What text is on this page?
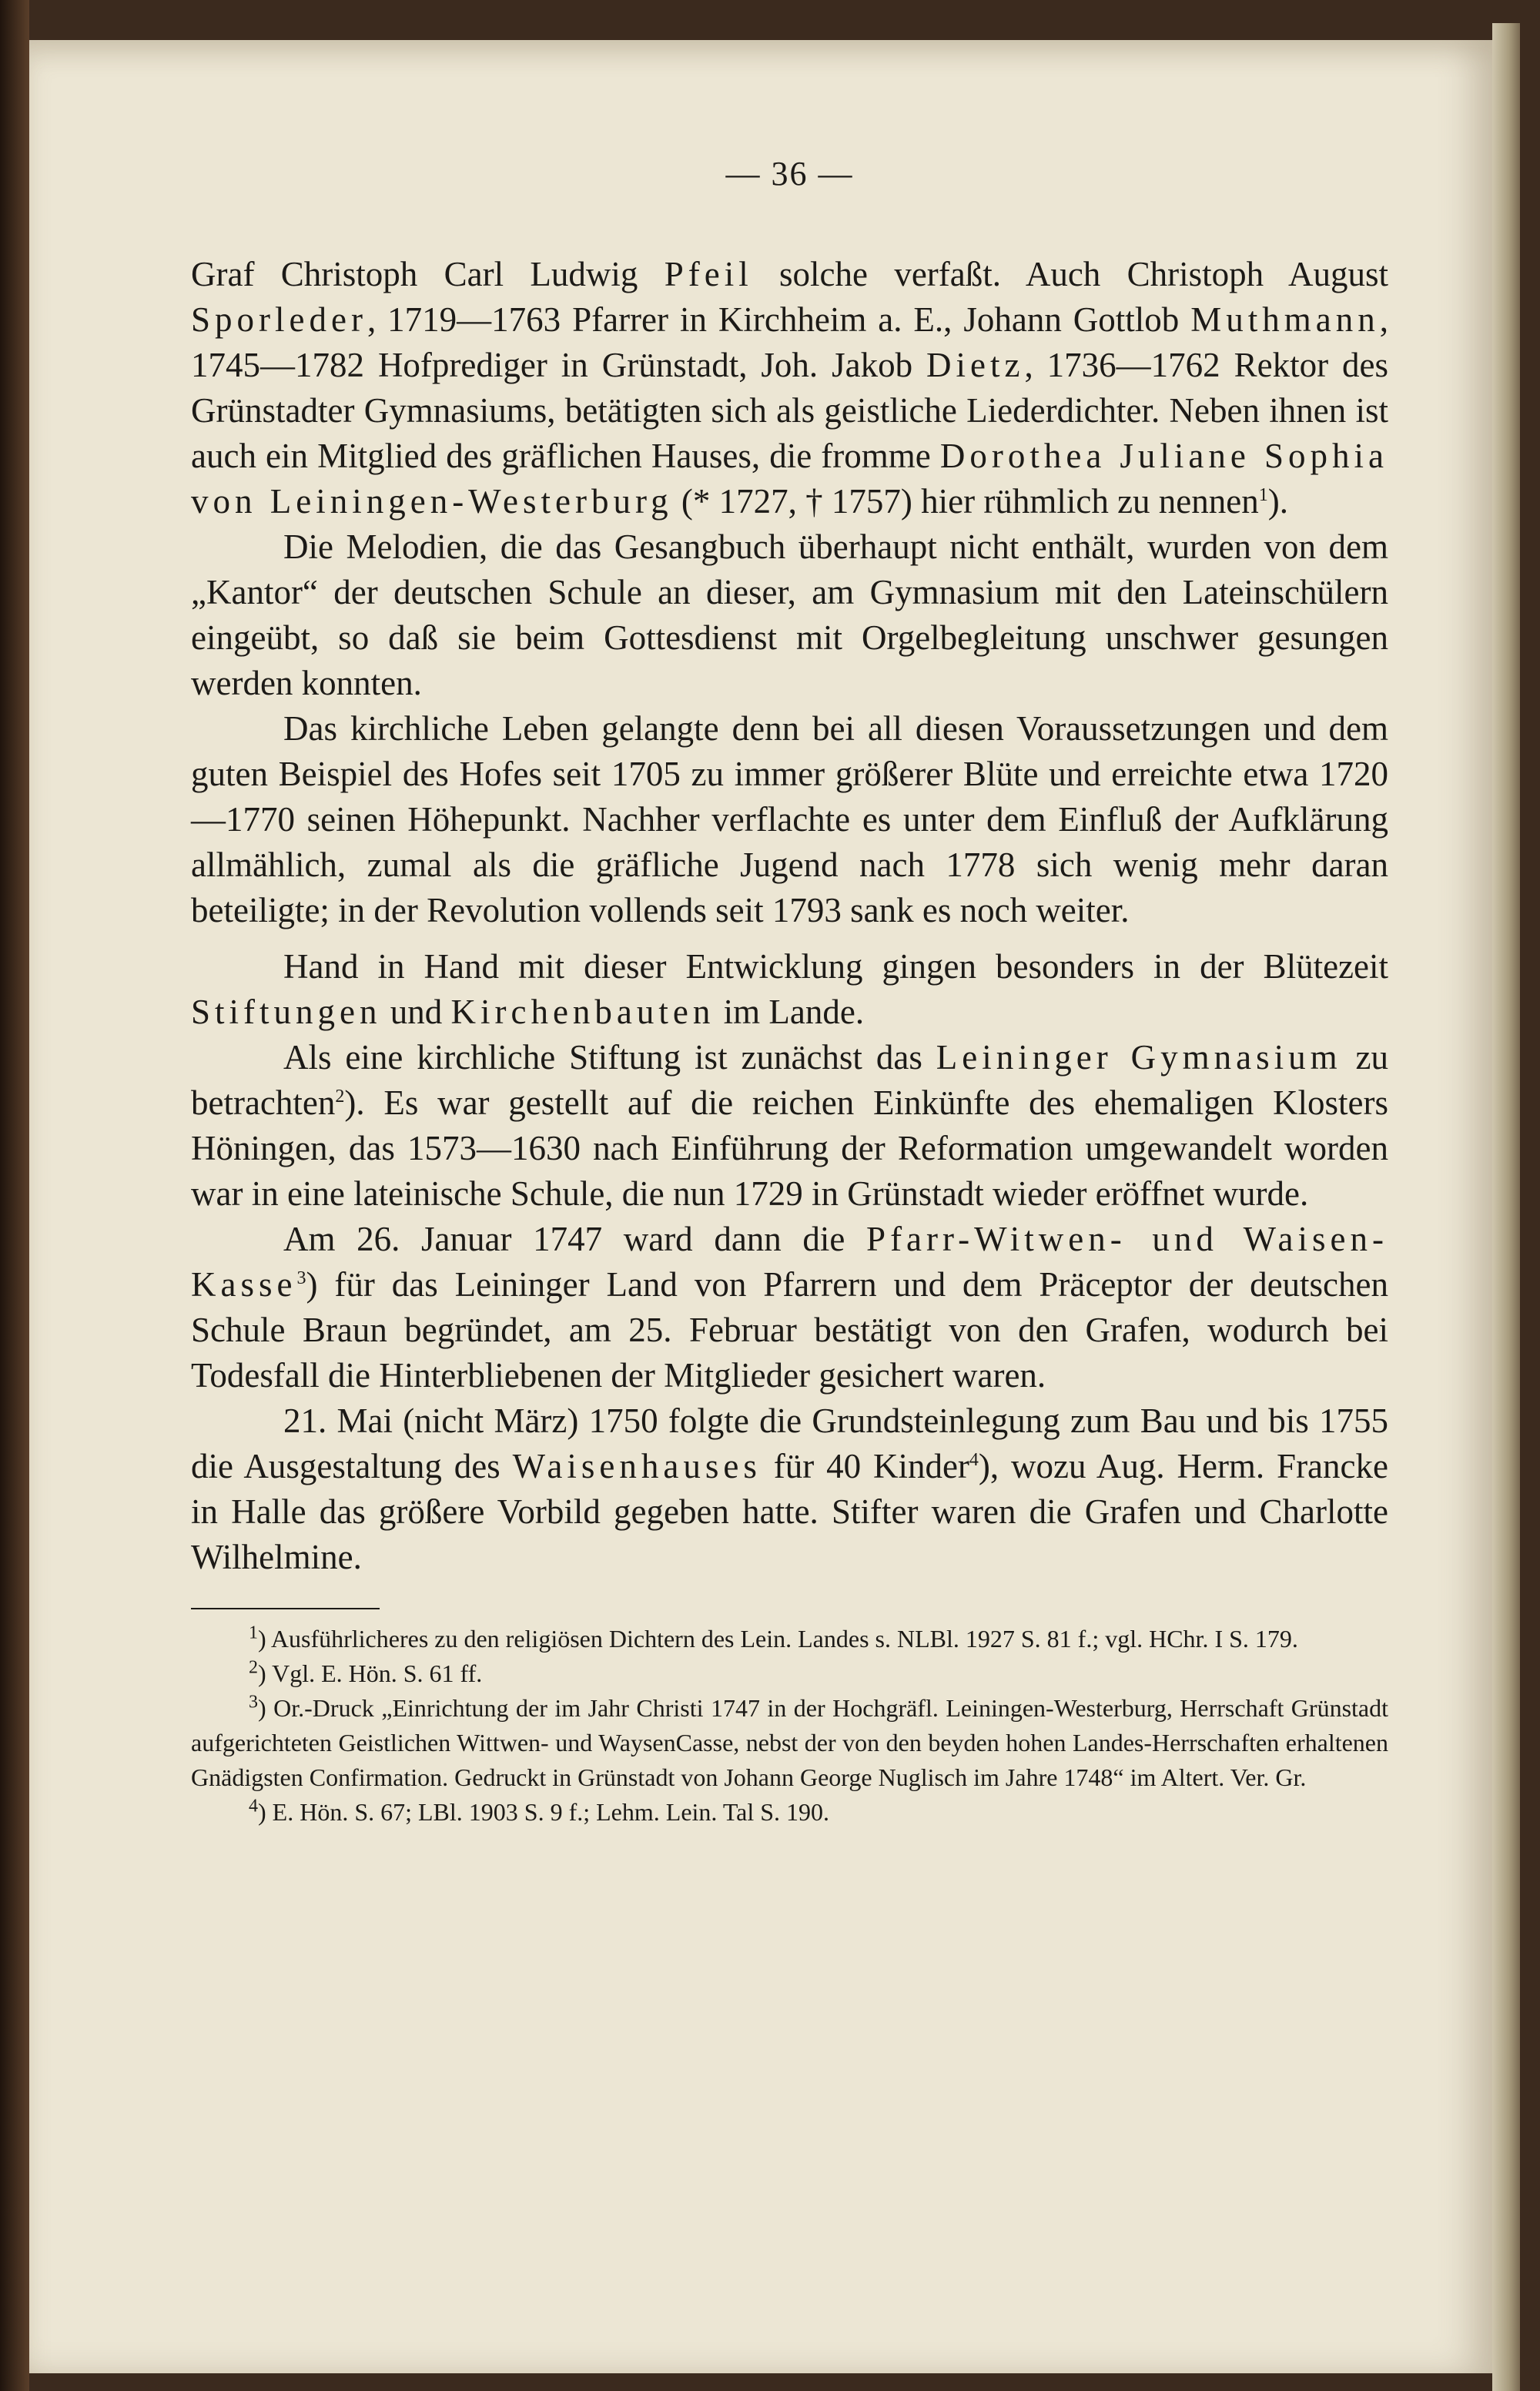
— 36 —

Graf Christoph Carl Ludwig Pfeil solche verfaßt. Auch Christoph August Sporleder, 1719—1763 Pfarrer in Kirchheim a. E., Johann Gottlob Muthmann, 1745—1782 Hofprediger in Grünstadt, Joh. Jakob Dietz, 1736—1762 Rektor des Grünstadter Gymnasiums, betätigten sich als geistliche Liederdichter. Neben ihnen ist auch ein Mitglied des gräflichen Hauses, die fromme Dorothea Juliane Sophia von Leiningen-Westerburg (* 1727, † 1757) hier rühmlich zu nennen$^1$).

Die Melodien, die das Gesangbuch überhaupt nicht enthält, wurden von dem „Kantor“ der deutschen Schule an dieser, am Gymnasium mit den Lateinschülern eingeübt, so daß sie beim Gottesdienst mit Orgelbegleitung unschwer gesungen werden konnten.

Das kirchliche Leben gelangte denn bei all diesen Voraussetzungen und dem guten Beispiel des Hofes seit 1705 zu immer größerer Blüte und erreichte etwa 1720—1770 seinen Höhepunkt. Nachher verflachte es unter dem Einfluß der Aufklärung allmählich, zumal als die gräfliche Jugend nach 1778 sich wenig mehr daran beteiligte; in der Revolution vollends seit 1793 sank es noch weiter.

Hand in Hand mit dieser Entwicklung gingen besonders in der Blütezeit Stiftungen und Kirchenbauten im Lande.

Als eine kirchliche Stiftung ist zunächst das Leininger Gymnasium zu betrachten$^2$). Es war gestellt auf die reichen Einkünfte des ehemaligen Klosters Höningen, das 1573—1630 nach Einführung der Reformation umgewandelt worden war in eine lateinische Schule, die nun 1729 in Grünstadt wieder eröffnet wurde.

Am 26. Januar 1747 ward dann die Pfarr-Witwen- und Waisen-Kasse$^3$) für das Leininger Land von Pfarrern und dem Präceptor der deutschen Schule Braun begründet, am 25. Februar bestätigt von den Grafen, wodurch bei Todesfall die Hinterbliebenen der Mitglieder gesichert waren.

21. Mai (nicht März) 1750 folgte die Grundsteinlegung zum Bau und bis 1755 die Ausgestaltung des Waisenhauses für 40 Kinder$^4$), wozu Aug. Herm. Francke in Halle das größere Vorbild gegeben hatte. Stifter waren die Grafen und Charlotte Wilhelmine.

$^1$) Ausführlicheres zu den religiösen Dichtern des Lein. Landes s. NLBl. 1927 S. 81 f.; vgl. HChr. I S. 179.

$^2$) Vgl. E. Hön. S. 61 ff.

$^3$) Or.-Druck „Einrichtung der im Jahr Christi 1747 in der Hochgräfl. Leiningen-Westerburg, Herrschaft Grünstadt aufgerichteten Geistlichen Wittwen- und WaysenCasse, nebst der von den beyden hohen Landes-Herrschaften erhaltenen Gnädigsten Confirmation. Gedruckt in Grünstadt von Johann George Nuglisch im Jahre 1748“ im Altert. Ver. Gr.

$^4$) E. Hön. S. 67; LBl. 1903 S. 9 f.; Lehm. Lein. Tal S. 190.
